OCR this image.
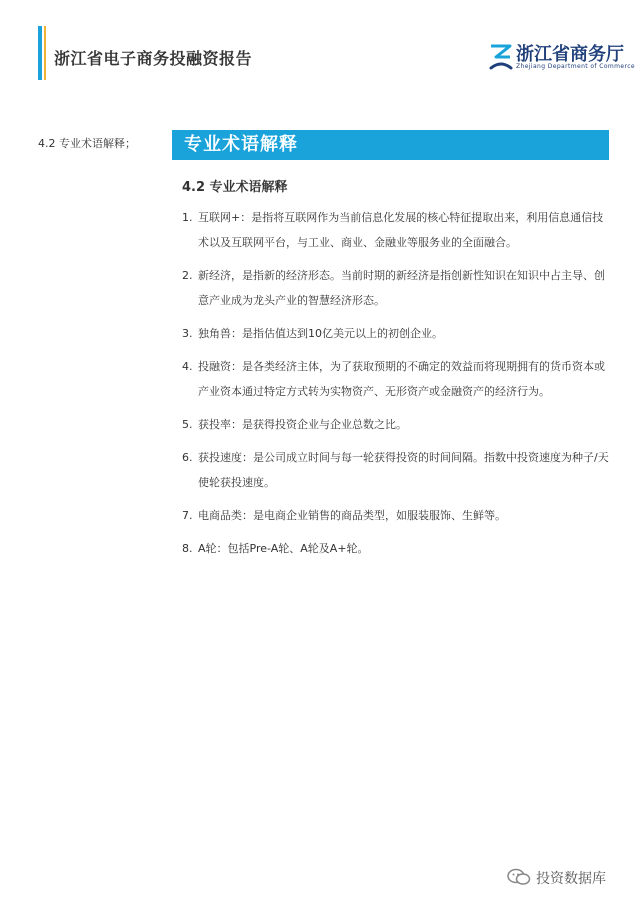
浙江省电子商务投融资报告	浙江省商务厅
Zhejiang Department of Commerce
4.2 专业术语解释；	专业术语解释
4.2 专业术语解释
1. 互联网+：是指将互联网作为当前信息化发展的核心特征提取出来，利用信息通信技术以及互联网平台，与工业、商业、金融业等服务业的全面融合。
2. 新经济，是指新的经济形态。当前时期的新经济是指创新性知识在知识中占主导、创意产业成为龙头产业的智慧经济形态。
3. 独角兽：是指估值达到10亿美元以上的初创企业。
4. 投融资：是各类经济主体，为了获取预期的不确定的效益而将现期拥有的货币资本或产业资本通过特定方式转为实物资产、无形资产或金融资产的经济行为。
5. 获投率：是获得投资企业与企业总数之比。
6. 获投速度：是公司成立时间与每一轮获得投资的时间间隔。指数中投资速度为种子/天使轮获投速度。
7. 电商品类：是电商企业销售的商品类型，如服装服饰、生鲜等。
8. A轮：包括Pre-A轮、A轮及A+轮。
投资数据库
